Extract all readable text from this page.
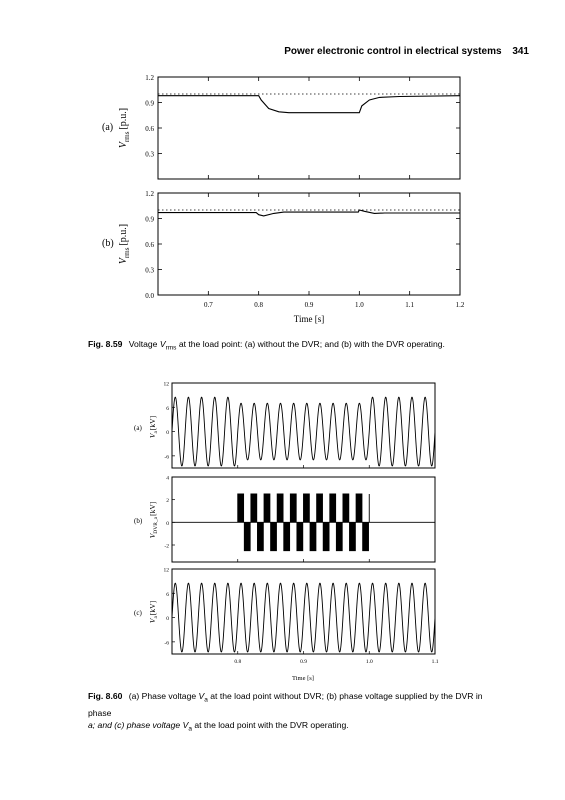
Power electronic control in electrical systems 341
1.2
0.9
0.6
0.3
(a)
$V_{rms}[p.u.]$
1.2
0.9
0.6
0.3
0.0
0.7	0.8	0.9	1.0	1.1	1.2
(b)
$V_{rms}[p.u.]$
Time [s]
Fig. 8.59 Voltage $V_{rms}$ at the load point: (a) without the DVR; and (b) with the DVR operating.
12
6
0
-6
(a)
$V_a[kV]$
4
2
0
-2
(b)
$V_{DVR\_a}[kV]$
12
6
0
-6
0.8	0.9	1.0	1.1
(c)
$V_a[kV]$
Time [s]
Fig. 8.60 (a) Phase voltage $V_a$ at the load point without DVR; (b) phase voltage supplied by the DVR in phase
a; and (c) phase voltage $V_a$ at the load point with the DVR operating.
